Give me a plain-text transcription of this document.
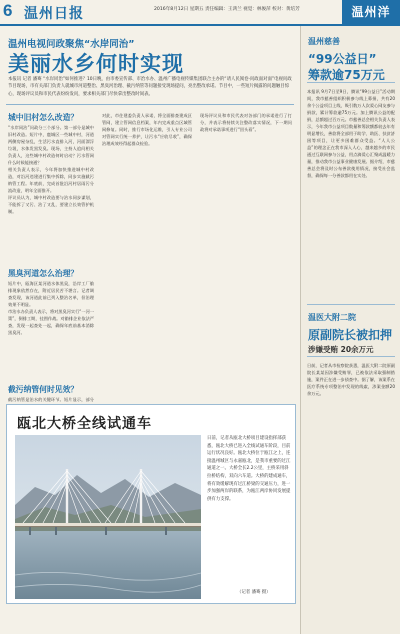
6 温州日报	2016年8月12日 星期五 责任编辑：王鸿兰 视觉：林俊萍 校对：黄培芳	温州洋
温州电视问政聚焦“水岸同治”
美丽水乡何时实现
本报讯 记者 潘骞 “水岸同治”如何推进？10日晚，由市委宣传部、市治水办、温州广播电视传媒集团联合主办的“请人民阅卷·问政面对面”电视问政节目现场，市有关部门负责人就城市河道整治、黑臭河治理、截污纳管等问题接受现场提问，亮出整改承诺。节目中，一些短片揭露的问题触目惊心，现场评议员和市民代表纷纷发问，要求相关部门尽快拿出整改时间表。
城中旧村怎么改造？

“水岸同治”问政分三个部分。第一部分是城中旧村改造。短片中，鹿城区一些城中村，河道两侧房屋杂乱，生活污水直排入河，河面漂浮垃圾，水体发黑发臭。现场，主持人追问相关负责人，这些城中村改造何时启动？污水管网什么时候能接通？

相关负责人表示，今年将加快推进城中村改造，对沿河违建进行集中拆除，同步实施截污纳管工程。年底前，完成首批沿河村居雨污分流改造，明年全面推开。

评议员认为，城中村改造要与治水同步谋划，不能拆了又污、治了又乱，要建立长效管护机制。

黑臭河道怎么治理？

短片中，瓯海区某河道水体黑臭，沿岸工厂偷排现象依然存在，附近居民苦不堪言。记者调查发现，该河道此前已列入整治名单，但治理效果不明显。

市治水办负责人表示，将对黑臭河实行“一河一策”，倒排工期，挂图作战。对偷排企业依法严查，发现一起查处一起，确保年底前基本消除黑臭河。

截污纳管何时见效？

截污纳管是治水的关键环节。短片显示，部分

对此，市住建委负责人承诺，将全面排查建成区管网，建立管网信息档案，年内完成重点区域管网修复。同时，推行市场化运维，引入专业公司对管网实行统一养护，让污水“应收尽收”，确保治理成效经得起群众检验。

现场评议员和市民代表对各部门的承诺进行了打分，并表示将持续关注整改落实情况，下一期问政将对承诺事项进行“回头看”。

瓯北大桥全线试通车
日前，记者从瓯北大桥项目建设指挥部获悉，瓯北大桥已进入全线试通车阶段，目前运行状况良好。瓯北大桥位于瓯江之上，连接温州城区与永嘉瓯北，是我市重要的过江通道之一。大桥全长2.2公里，主桥采用斜拉桥结构，双向六车道。大桥的建成通车，将有效缓解现有过江桥梁的交通压力，进一步加强两岸的联系，为瓯江两岸协同发展提供有力支撑。
（记者 潘骞 摄）
温州慈善
“99公益日”
筹款逾75万元
本报讯 9月7日至9日，腾讯“99公益日”活动期间，我市慈善组织积极参与线上募捐，共有20余个公益项目上线，吸引数万人次爱心网友参与捐款，累计筹款逾75万元。加上腾讯公益的配捐，总额超过百万元。市慈善总会相关负责人表示，今年我市公益项目数量和筹款额都较去年有明显增长，善款将全部用于助学、助医、扶贫济困等项目，让更多困难群众受益。“人人公益”的理念正在我市深入人心，越来越多的市民通过互联网参与公益，用点滴爱心汇聚成温暖力量，推动我市公益事业健康发展。据介绍，市慈善总会将及时公布善款使用情况，接受社会监督，确保每一分善款都用在实处。
温医大附二院
原副院长被扣押
涉嫌受贿 20余万元
日前，记者从市检察院获悉，温医大附二院原副院长某某因涉嫌受贿罪，已被依法采取强制措施，案件正在进一步侦查中。据了解，该案系在医疗系统专项整治中发现的线索，涉案金额20余万元。
